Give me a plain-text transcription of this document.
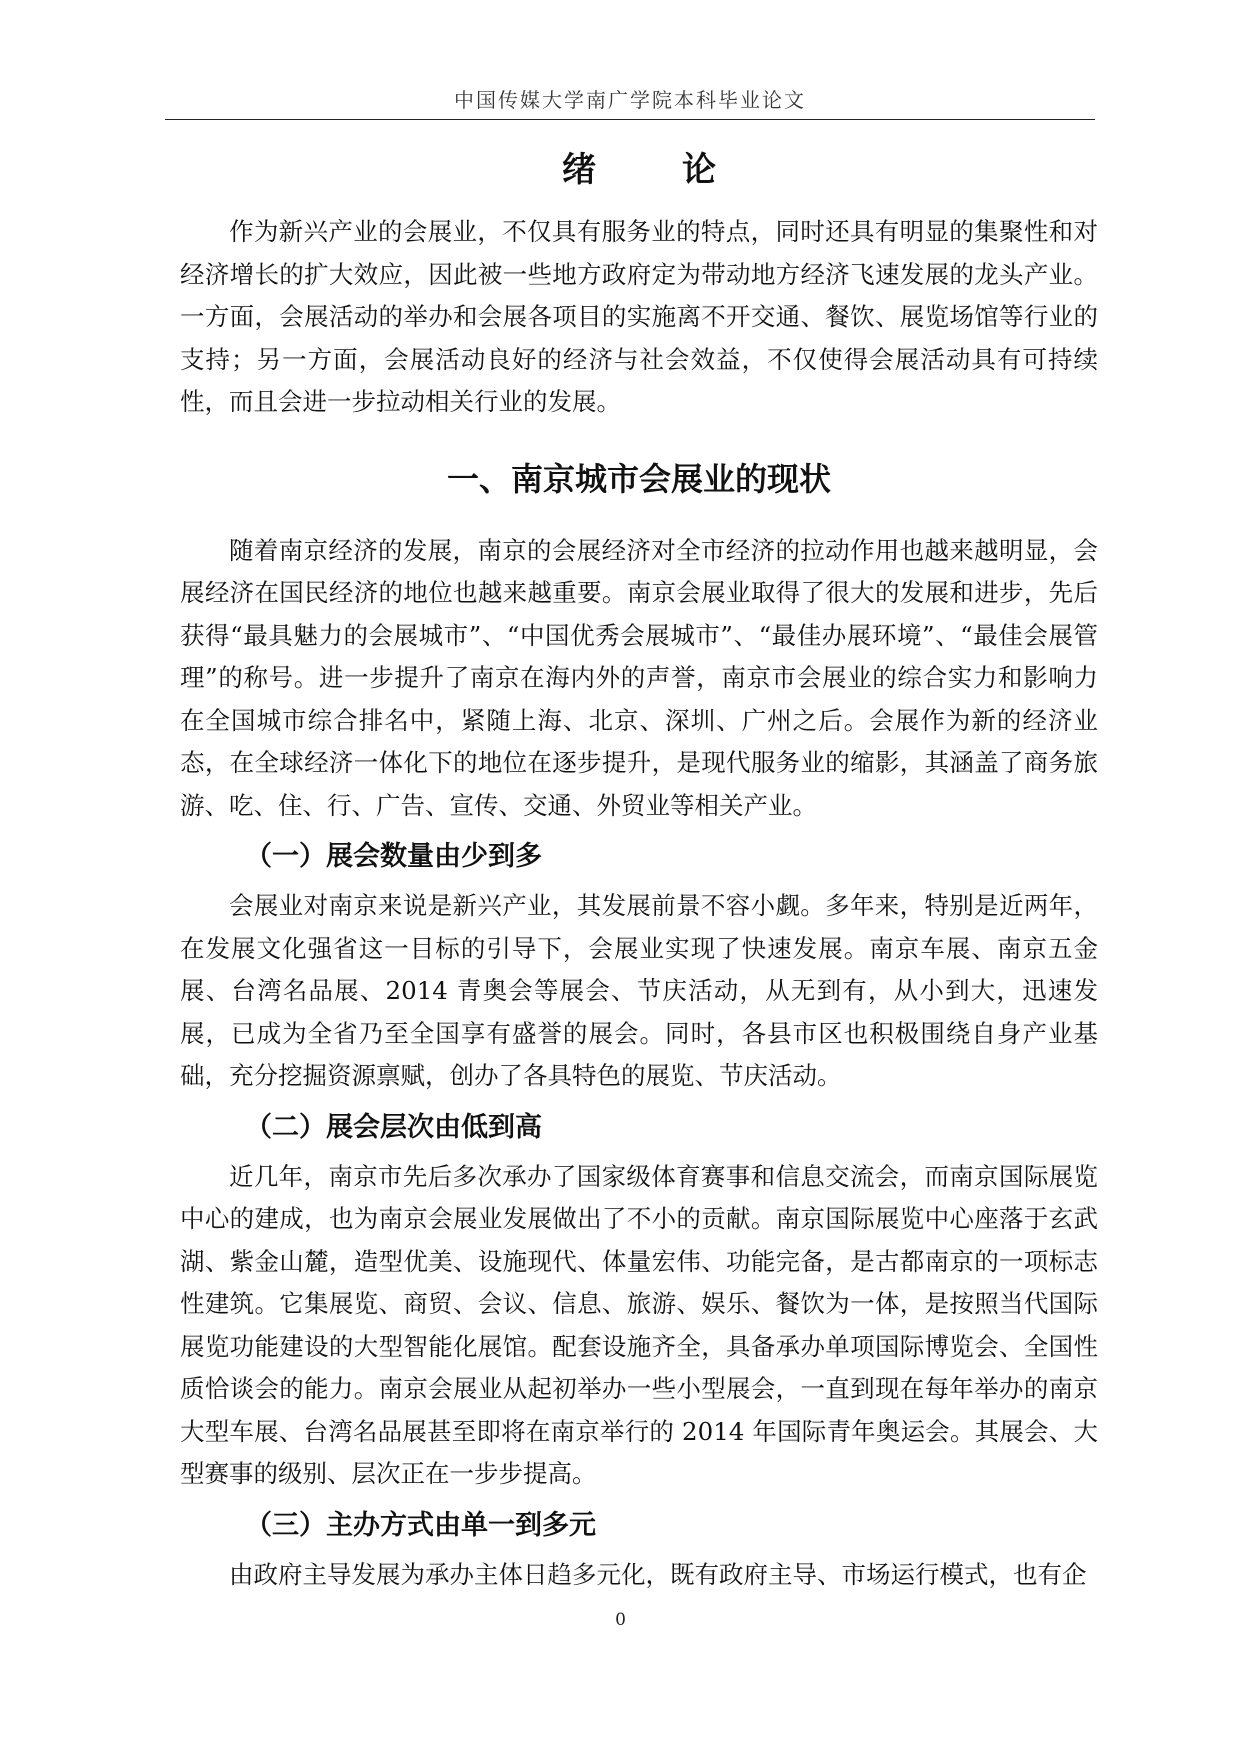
中国传媒大学南广学院本科毕业论文
绪　论

作为新兴产业的会展业，不仅具有服务业的特点，同时还具有明显的集聚性和对经济增长的扩大效应，因此被一些地方政府定为带动地方经济飞速发展的龙头产业。一方面，会展活动的举办和会展各项目的实施离不开交通、餐饮、展览场馆等行业的支持；另一方面，会展活动良好的经济与社会效益，不仅使得会展活动具有可持续性，而且会进一步拉动相关行业的发展。

一、南京城市会展业的现状

随着南京经济的发展，南京的会展经济对全市经济的拉动作用也越来越明显，会展经济在国民经济的地位也越来越重要。南京会展业取得了很大的发展和进步，先后获得“最具魅力的会展城市”、“中国优秀会展城市”、“最佳办展环境”、“最佳会展管理”的称号。进一步提升了南京在海内外的声誉，南京市会展业的综合实力和影响力在全国城市综合排名中，紧随上海、北京、深圳、广州之后。会展作为新的经济业态，在全球经济一体化下的地位在逐步提升，是现代服务业的缩影，其涵盖了商务旅游、吃、住、行、广告、宣传、交通、外贸业等相关产业。

（一）展会数量由少到多

会展业对南京来说是新兴产业，其发展前景不容小觑。多年来，特别是近两年，在发展文化强省这一目标的引导下，会展业实现了快速发展。南京车展、南京五金展、台湾名品展、2014 青奥会等展会、节庆活动，从无到有，从小到大，迅速发展，已成为全省乃至全国享有盛誉的展会。同时，各县市区也积极围绕自身产业基础，充分挖掘资源禀赋，创办了各具特色的展览、节庆活动。

（二）展会层次由低到高

近几年，南京市先后多次承办了国家级体育赛事和信息交流会，而南京国际展览中心的建成，也为南京会展业发展做出了不小的贡献。南京国际展览中心座落于玄武湖、紫金山麓，造型优美、设施现代、体量宏伟、功能完备，是古都南京的一项标志性建筑。它集展览、商贸、会议、信息、旅游、娱乐、餐饮为一体，是按照当代国际展览功能建设的大型智能化展馆。配套设施齐全，具备承办单项国际博览会、全国性质恰谈会的能力。南京会展业从起初举办一些小型展会，一直到现在每年举办的南京大型车展、台湾名品展甚至即将在南京举行的 2014 年国际青年奥运会。其展会、大型赛事的级别、层次正在一步步提高。

（三）主办方式由单一到多元

由政府主导发展为承办主体日趋多元化，既有政府主导、市场运行模式，也有企

0
